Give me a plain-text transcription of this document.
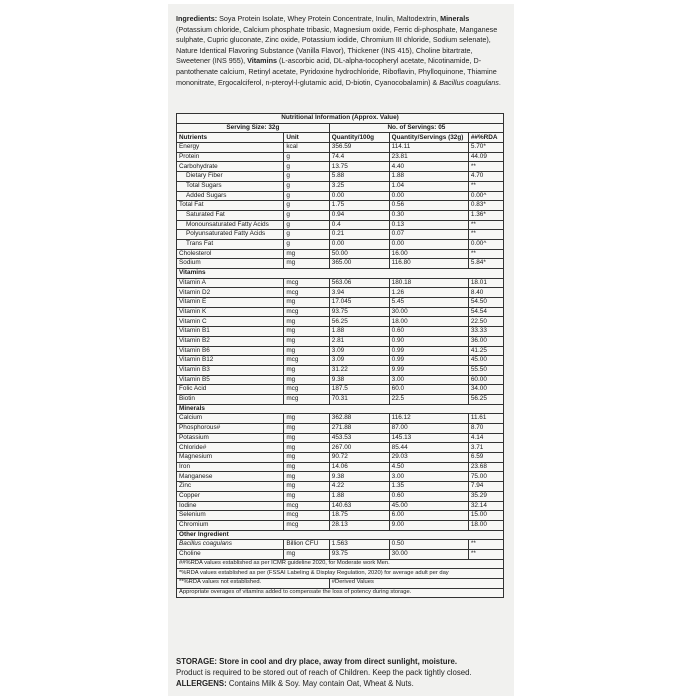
Ingredients: Soya Protein Isolate, Whey Protein Concentrate, Inulin, Maltodextrin, Minerals (Potassium chloride, Calcium phosphate tribasic, Magnesium oxide, Ferric di-phosphate, Manganese sulphate, Cupric gluconate, Zinc oxide, Potassium iodide, Chromium III chloride, Sodium selenate), Nature Identical Flavoring Substance (Vanilla Flavor), Thickener (INS 415), Choline bitartrate, Sweetener (INS 955), Vitamins (L-ascorbic acid, DL-alpha-tocopheryl acetate, Nicotinamide, D-pantothenate calcium, Retinyl acetate, Pyridoxine hydrochloride, Riboflavin, Phylloquinone, Thiamine mononitrate, Ergocalciferol, n-pteroyl-l-glutamic acid, D-biotin, Cyanocobalamin) & Bacillus coagulans.
Nutritional Information (Approx. Value)				
Serving Size: 32g		No. of Servings: 05		
Nutrients	Unit	Quantity/100g	Quantity/Servings (32g)	##%RDA
Energy	kcal	356.59	114.11	5.70*
Protein	g	74.4	23.81	44.09
Carbohydrate	g	13.75	4.40	**
Dietary Fiber	g	5.88	1.88	4.70
Total Sugars	g	3.25	1.04	**
Added Sugars	g	0.00	0.00	0.00^
Total Fat	g	1.75	0.56	0.83*
Saturated Fat	g	0.94	0.30	1.36*
Monounsaturated Fatty Acids	g	0.4	0.13	**
Polyunsaturated Fatty Acids	g	0.21	0.07	**
Trans Fat	g	0.00	0.00	0.00^
Cholesterol	mg	50.00	16.00	**
Sodium	mg	365.00	116.80	5.84*
Vitamins				
Vitamin A	mcg	563.06	180.18	18.01
Vitamin D2	mcg	3.94	1.26	8.40
Vitamin E	mg	17.045	5.45	54.50
Vitamin K	mcg	93.75	30.00	54.54
Vitamin C	mg	56.25	18.00	22.50
Vitamin B1	mg	1.88	0.60	33.33
Vitamin B2	mg	2.81	0.90	36.00
Vitamin B6	mg	3.09	0.99	41.25
Vitamin B12	mcg	3.09	0.99	45.00
Vitamin B3	mg	31.22	9.99	55.50
Vitamin B5	mg	9.38	3.00	60.00
Folic Acid	mcg	187.5	60.0	34.00
Biotin	mcg	70.31	22.5	56.25
Minerals				
Calcium	mg	362.88	116.12	11.61
Phosphorous#	mg	271.88	87.00	8.70
Potassium	mg	453.53	145.13	4.14
Chloride#	mg	267.00	85.44	3.71
Magnesium	mg	90.72	29.03	6.59
Iron	mg	14.06	4.50	23.68
Manganese	mg	9.38	3.00	75.00
Zinc	mg	4.22	1.35	7.94
Copper	mg	1.88	0.60	35.29
Iodine	mcg	140.63	45.00	32.14
Selenium	mcg	18.75	6.00	15.00
Chromium	mcg	28.13	9.00	18.00
Other Ingredient				
Bacillus coagulans	Billion CFU	1.563	0.50	**
Choline	mg	93.75	30.00	**
##%RDA values established as per ICMR guideline 2020, for Moderate work Men.				
*%RDA values established as per (FSSAI Labeling & Display Regulation, 2020) for average adult per day				
**%RDA values not established.		#Derived Values		
Appropriate overages of vitamins added to compensate the loss of potency during storage.				
STORAGE: Store in cool and dry place, away from direct sunlight, moisture.
Product is required to be stored out of reach of Children. Keep the pack tightly closed.
ALLERGENS: Contains Milk & Soy. May contain Oat, Wheat & Nuts.
